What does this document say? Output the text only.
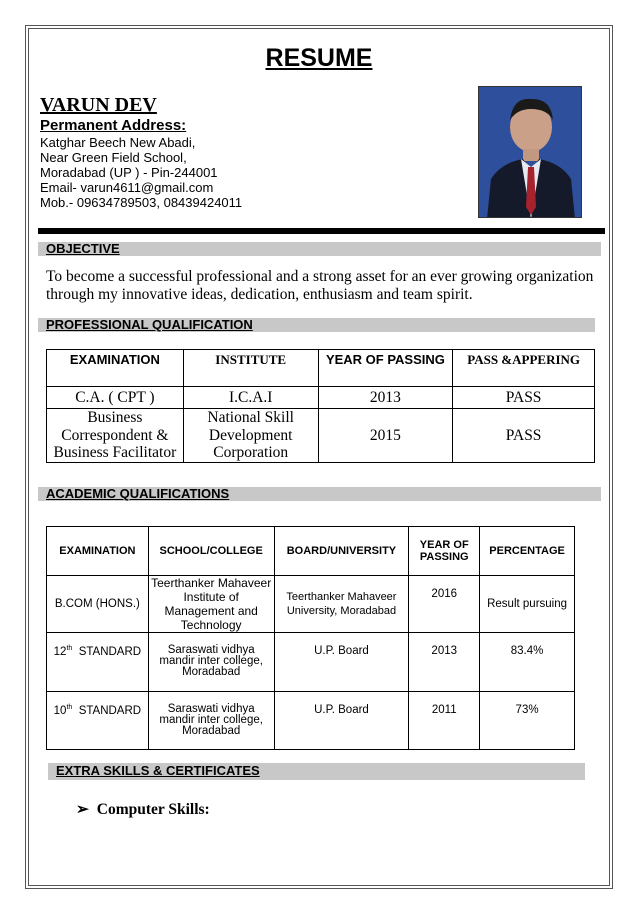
RESUME
VARUN DEV
Permanent Address:
Katghar Beech New Abadi,
Near Green Field School,
Moradabad (UP ) - Pin-244001
Email- varun4611@gmail.com
Mob.- 09634789503, 08439424011
OBJECTIVE
To become a successful professional and a strong asset for an ever growing organization through my innovative ideas, dedication, enthusiasm and team spirit.
PROFESSIONAL QUALIFICATION
EXAMINATION	INSTITUTE	YEAR OF PASSING	PASS &APPERING
C.A. ( CPT )	I.C.A.I	2013	PASS
Business Correspondent & Business Facilitator	National Skill Development Corporation	2015	PASS
ACADEMIC QUALIFICATIONS
EXAMINATION	SCHOOL/COLLEGE	BOARD/UNIVERSITY	YEAR OF PASSING	PERCENTAGE
B.COM (HONS.)	Teerthanker Mahaveer Institute of Management and Technology	Teerthanker Mahaveer University, Moradabad	2016	Result pursuing
12th STANDARD	Saraswati vidhya mandir inter college, Moradabad	U.P. Board	2013	83.4%
10th STANDARD	Saraswati vidhya mandir inter college, Moradabad	U.P. Board	2011	73%
EXTRA SKILLS & CERTIFICATES
➢ Computer Skills:
